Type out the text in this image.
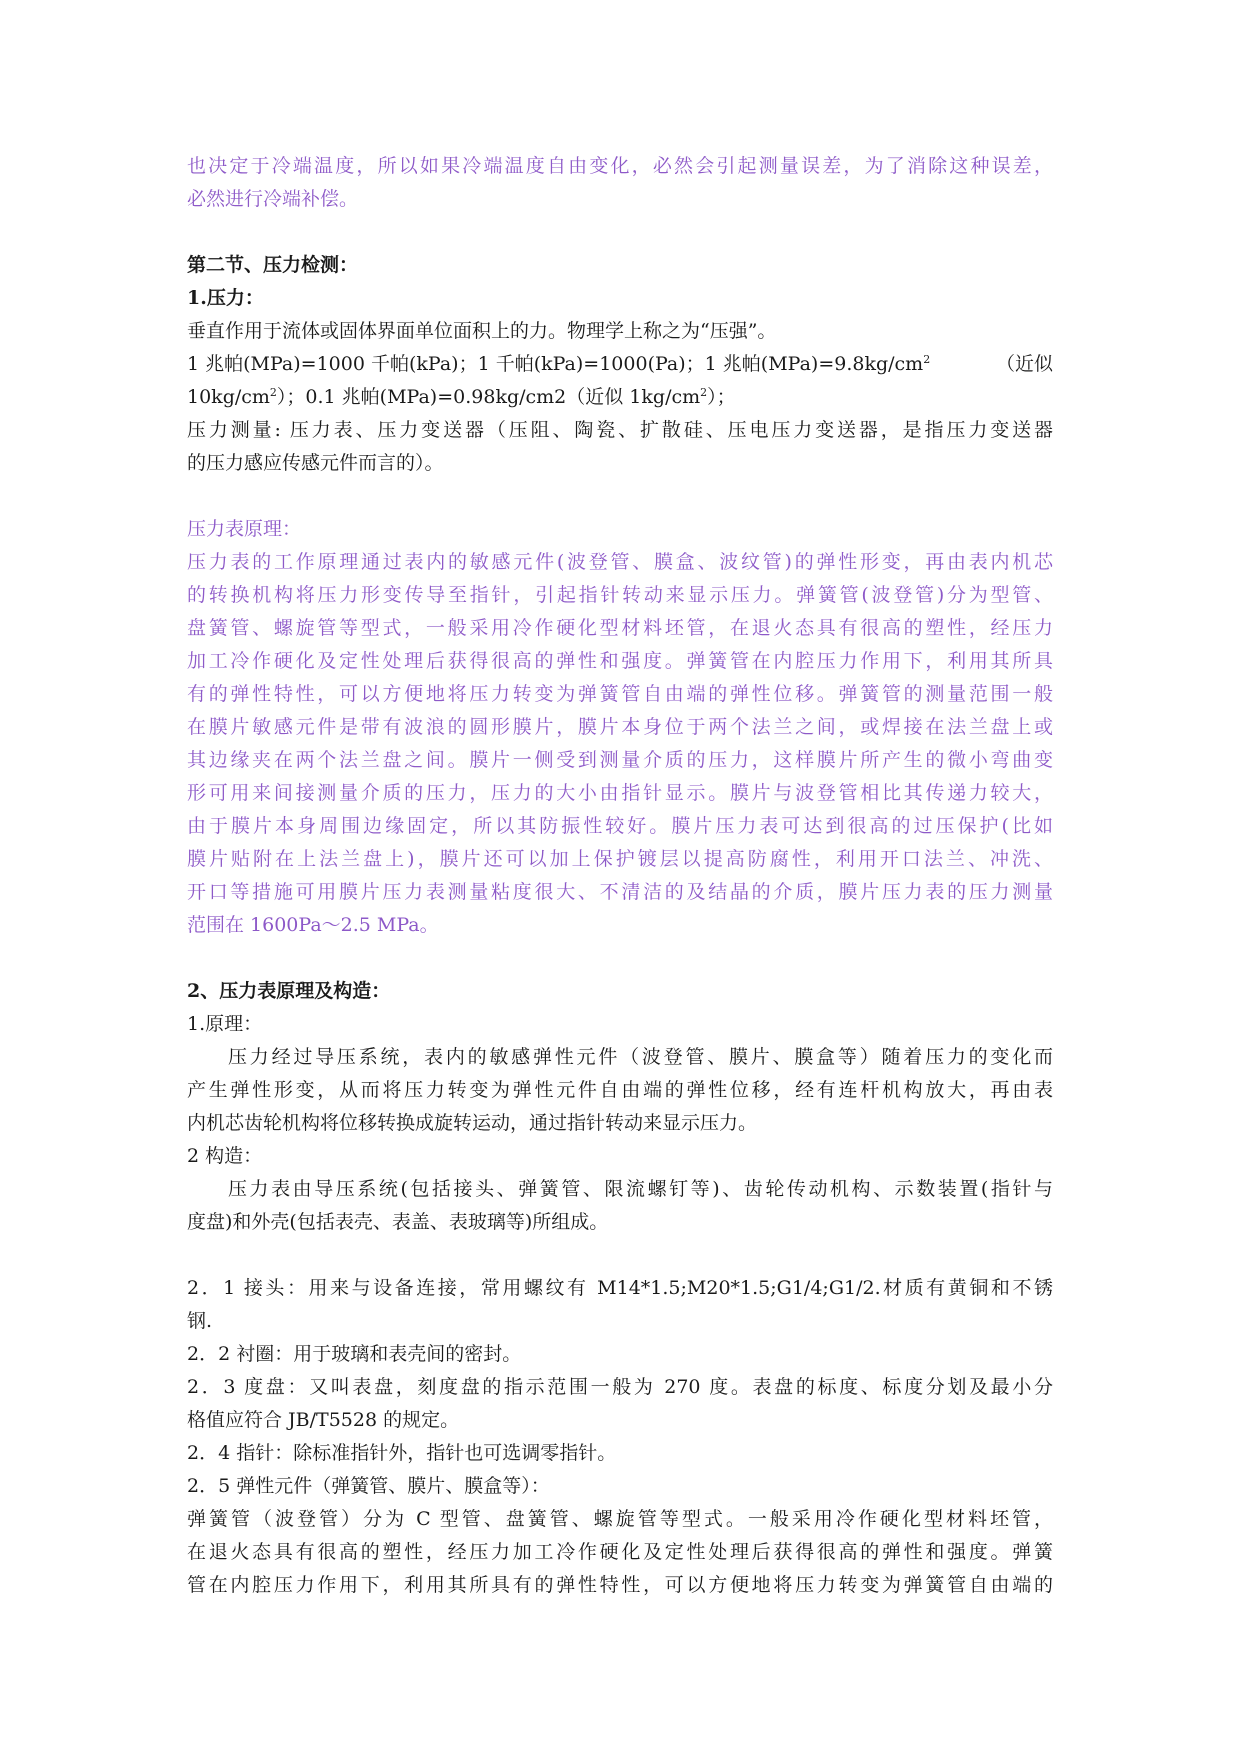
也决定于冷端温度，所以如果冷端温度自由变化，必然会引起测量误差，为了消除这种误差，
必然进行冷端补偿。
第二节、压力检测：
1.压力：
垂直作用于流体或固体界面单位面积上的力。物理学上称之为“压强”。
1 兆帕(MPa)=1000 千帕(kPa)；1 千帕(kPa)=1000(Pa)；1 兆帕$(MPa)=9.8kg/cm^2$	（近似
$10kg/cm^2$）；0.1 兆帕(MPa)=0.98kg/cm2（近似 $1kg/cm^2$）；
压力测量: 压力表、压力变送器（压阻、陶瓷、扩散硅、压电压力变送器，是指压力变送器
的压力感应传感元件而言的）。
压力表原理：
压力表的工作原理通过表内的敏感元件(波登管、膜盒、波纹管)的弹性形变，再由表内机芯
的转换机构将压力形变传导至指针，引起指针转动来显示压力。弹簧管(波登管)分为型管、
盘簧管、螺旋管等型式，一般采用冷作硬化型材料坯管，在退火态具有很高的塑性，经压力
加工冷作硬化及定性处理后获得很高的弹性和强度。弹簧管在内腔压力作用下，利用其所具
有的弹性特性，可以方便地将压力转变为弹簧管自由端的弹性位移。弹簧管的测量范围一般
在膜片敏感元件是带有波浪的圆形膜片，膜片本身位于两个法兰之间，或焊接在法兰盘上或
其边缘夹在两个法兰盘之间。膜片一侧受到测量介质的压力，这样膜片所产生的微小弯曲变
形可用来间接测量介质的压力，压力的大小由指针显示。膜片与波登管相比其传递力较大，
由于膜片本身周围边缘固定，所以其防振性较好。膜片压力表可达到很高的过压保护(比如
膜片贴附在上法兰盘上)，膜片还可以加上保护镀层以提高防腐性，利用开口法兰、冲洗、
开口等措施可用膜片压力表测量粘度很大、不清洁的及结晶的介质，膜片压力表的压力测量
范围在 1600Pa～2.5 MPa。
2、压力表原理及构造：
1.原理：
压力经过导压系统，表内的敏感弹性元件（波登管、膜片、膜盒等）随着压力的变化而
产生弹性形变，从而将压力转变为弹性元件自由端的弹性位移，经有连杆机构放大，再由表
内机芯齿轮机构将位移转换成旋转运动，通过指针转动来显示压力。
2 构造：
压力表由导压系统(包括接头、弹簧管、限流螺钉等)、齿轮传动机构、示数装置(指针与
度盘)和外壳(包括表壳、表盖、表玻璃等)所组成。
2．1 接头：用来与设备连接，常用螺纹有 M14*1.5;M20*1.5;G1/4;G1/2.材质有黄铜和不锈
钢.
2．2 衬圈：用于玻璃和表壳间的密封。
2．3 度盘：又叫表盘，刻度盘的指示范围一般为 270 度。表盘的标度、标度分划及最小分
格值应符合 JB/T5528 的规定。
2．4 指针：除标准指针外，指针也可选调零指针。
2．5 弹性元件（弹簧管、膜片、膜盒等）：
弹簧管（波登管）分为 C 型管、盘簧管、螺旋管等型式。一般采用冷作硬化型材料坯管，
在退火态具有很高的塑性，经压力加工冷作硬化及定性处理后获得很高的弹性和强度。弹簧
管在内腔压力作用下，利用其所具有的弹性特性，可以方便地将压力转变为弹簧管自由端的
